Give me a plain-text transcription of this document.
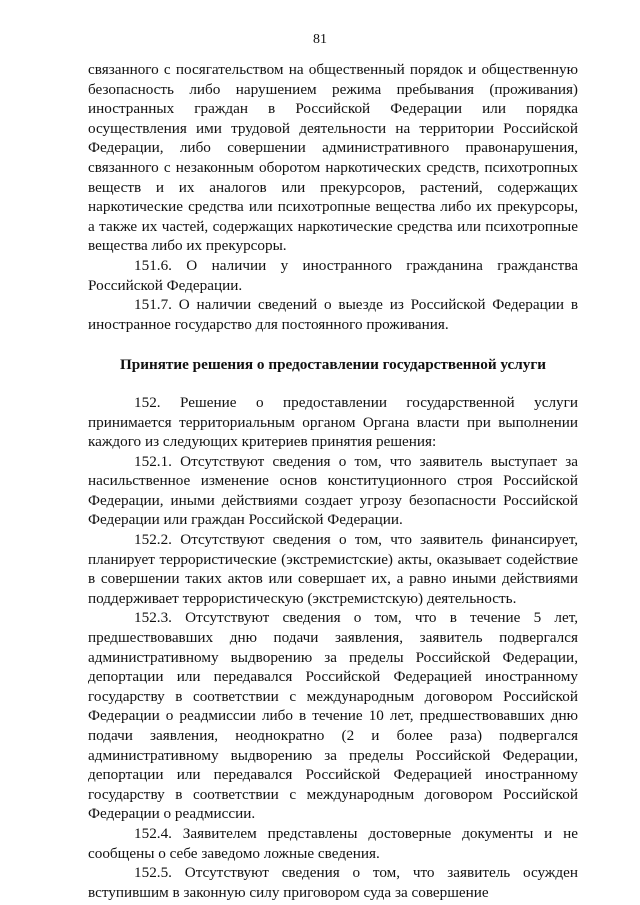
81

связанного с посягательством на общественный порядок и общественную безопасность либо нарушением режима пребывания (проживания) иностранных граждан в Российской Федерации или порядка осуществления ими трудовой деятельности на территории Российской Федерации, либо совершении административного правонарушения, связанного с незаконным оборотом наркотических средств, психотропных веществ и их аналогов или прекурсоров, растений, содержащих наркотические средства или психотропные вещества либо их прекурсоры, а также их частей, содержащих наркотические средства или психотропные вещества либо их прекурсоры.

151.6. О наличии у иностранного гражданина гражданства Российской Федерации.

151.7. О наличии сведений о выезде из Российской Федерации в иностранное государство для постоянного проживания.

Принятие решения о предоставлении государственной услуги

152. Решение о предоставлении государственной услуги принимается территориальным органом Органа власти при выполнении каждого из следующих критериев принятия решения:

152.1. Отсутствуют сведения о том, что заявитель выступает за насильственное изменение основ конституционного строя Российской Федерации, иными действиями создает угрозу безопасности Российской Федерации или граждан Российской Федерации.

152.2. Отсутствуют сведения о том, что заявитель финансирует, планирует террористические (экстремистские) акты, оказывает содействие в совершении таких актов или совершает их, а равно иными действиями поддерживает террористическую (экстремистскую) деятельность.

152.3. Отсутствуют сведения о том, что в течение 5 лет, предшествовавших дню подачи заявления, заявитель подвергался административному выдворению за пределы Российской Федерации, депортации или передавался Российской Федерацией иностранному государству в соответствии с международным договором Российской Федерации о реадмиссии либо в течение 10 лет, предшествовавших дню подачи заявления, неоднократно (2 и более раза) подвергался административному выдворению за пределы Российской Федерации, депортации или передавался Российской Федерацией иностранному государству в соответствии с международным договором Российской Федерации о реадмиссии.

152.4. Заявителем представлены достоверные документы и не сообщены о себе заведомо ложные сведения.

152.5. Отсутствуют сведения о том, что заявитель осужден вступившим в законную силу приговором суда за совершение
